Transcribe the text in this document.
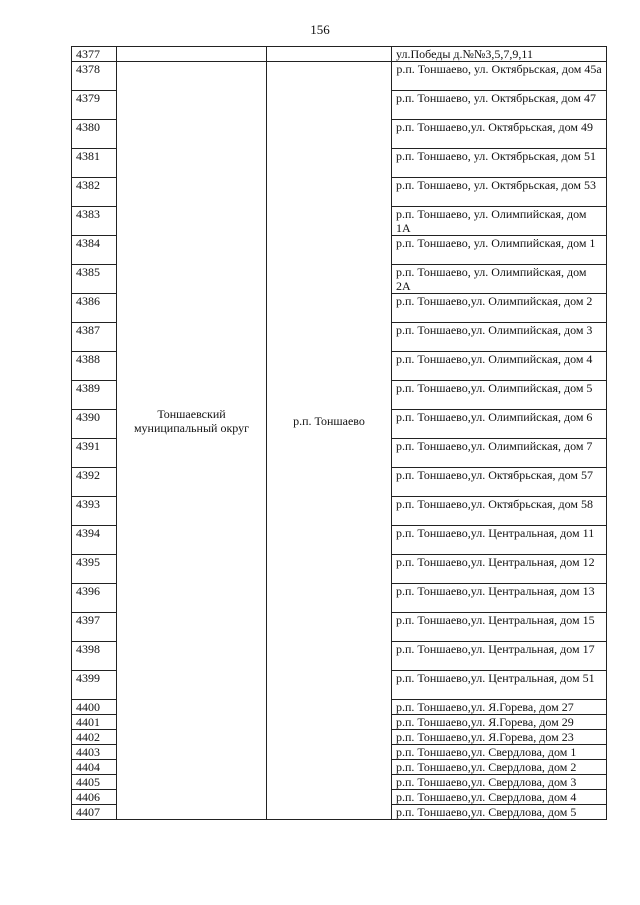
156
4377			ул.Победы д.№№3,5,7,9,11
4378	Тоншаевский муниципальный округ	р.п. Тоншаево	р.п. Тоншаево, ул. Октябрьская, дом 45а
4379			р.п. Тоншаево, ул. Октябрьская, дом 47
4380			р.п. Тоншаево,ул. Октябрьская, дом 49
4381			р.п. Тоншаево, ул. Октябрьская, дом 51
4382			р.п. Тоншаево, ул. Октябрьская, дом 53
4383			р.п. Тоншаево, ул. Олимпийская, дом 1А
4384			р.п. Тоншаево, ул. Олимпийская, дом 1
4385			р.п. Тоншаево, ул. Олимпийская, дом 2А
4386			р.п. Тоншаево,ул. Олимпийская, дом 2
4387			р.п. Тоншаево,ул. Олимпийская, дом 3
4388			р.п. Тоншаево,ул. Олимпийская, дом 4
4389			р.п. Тоншаево,ул. Олимпийская, дом 5
4390			р.п. Тоншаево,ул. Олимпийская, дом 6
4391			р.п. Тоншаево,ул. Олимпийская, дом 7
4392			р.п. Тоншаево,ул. Октябрьская, дом 57
4393			р.п. Тоншаево,ул. Октябрьская, дом 58
4394			р.п. Тоншаево,ул. Центральная, дом 11
4395			р.п. Тоншаево,ул. Центральная, дом 12
4396			р.п. Тоншаево,ул. Центральная, дом 13
4397			р.п. Тоншаево,ул. Центральная, дом 15
4398			р.п. Тоншаево,ул. Центральная, дом 17
4399			р.п. Тоншаево,ул. Центральная, дом 51
4400			р.п. Тоншаево,ул. Я.Горева, дом 27
4401			р.п. Тоншаево,ул. Я.Горева, дом 29
4402			р.п. Тоншаево,ул. Я.Горева, дом 23
4403			р.п. Тоншаево,ул. Свердлова, дом 1
4404			р.п. Тоншаево,ул. Свердлова, дом 2
4405			р.п. Тоншаево,ул. Свердлова, дом 3
4406			р.п. Тоншаево,ул. Свердлова, дом 4
4407			р.п. Тоншаево,ул. Свердлова, дом 5
